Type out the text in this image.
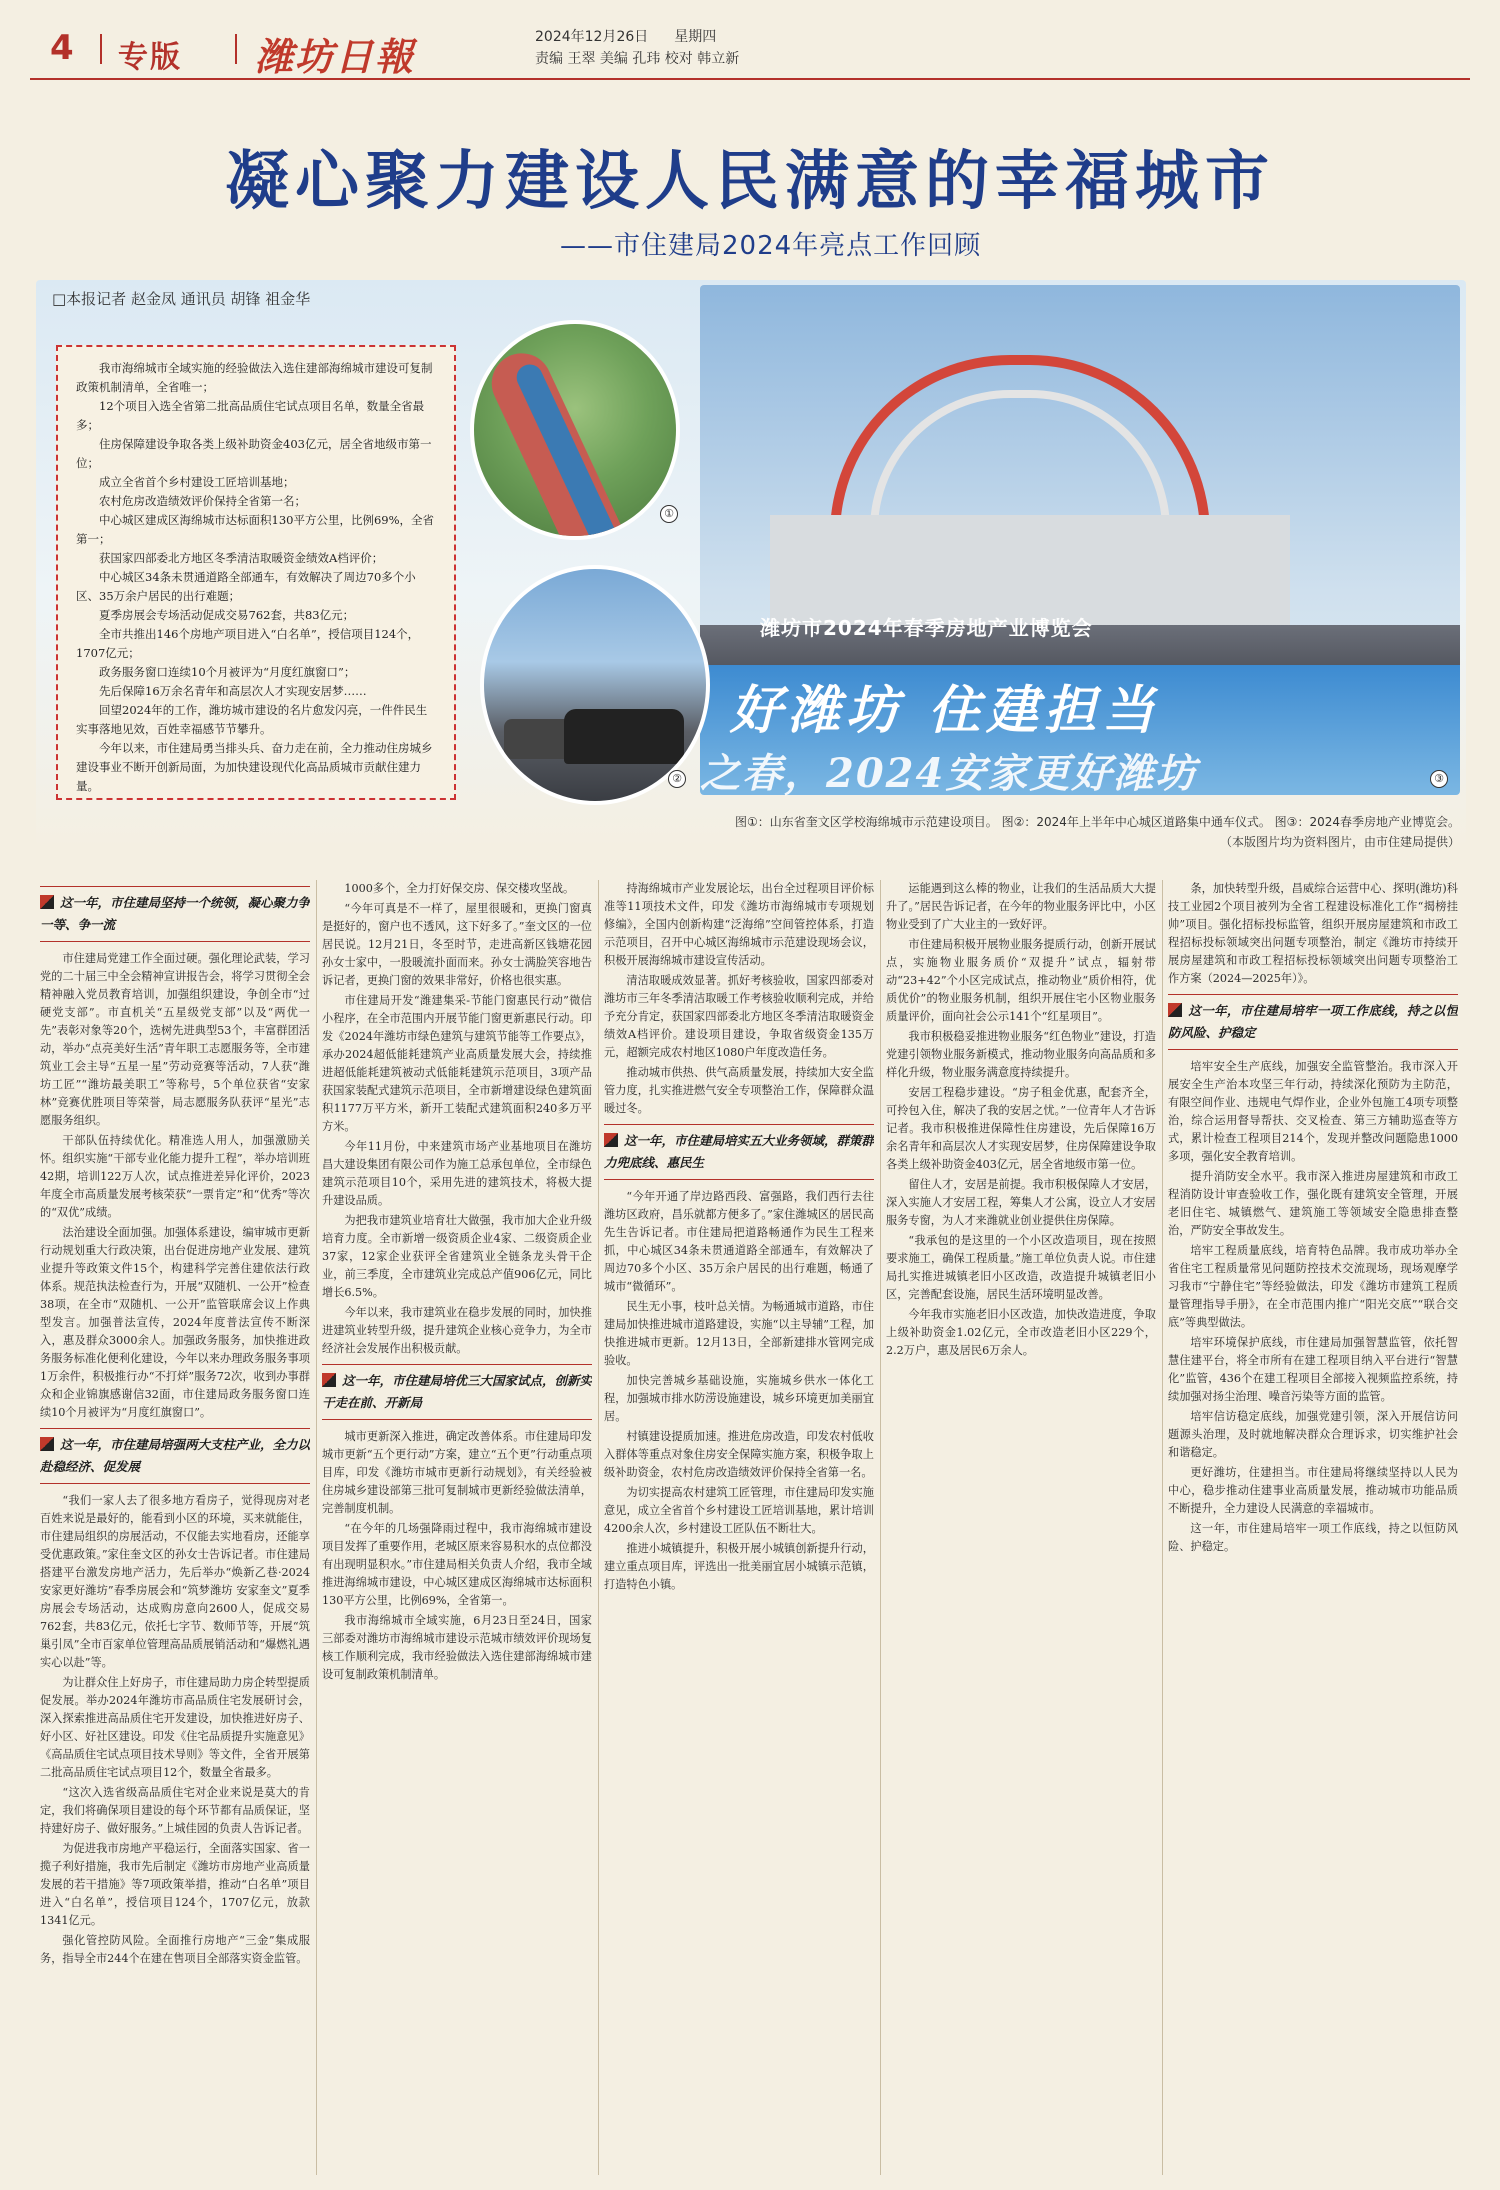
4 专版 潍坊日報	2024年12月26日 星期四
责编 王翠 美编 孔玮 校对 韩立新
凝心聚力建设人民满意的幸福城市
——市住建局2024年亮点工作回顾
□本报记者 赵金凤 通讯员 胡锋 祖金华

我市海绵城市全域实施的经验做法入选住建部海绵城市建设可复制政策机制清单，全省唯一；

12个项目入选全省第二批高品质住宅试点项目名单，数量全省最多；

住房保障建设争取各类上级补助资金403亿元，居全省地级市第一位；

成立全省首个乡村建设工匠培训基地；

农村危房改造绩效评价保持全省第一名；

中心城区建成区海绵城市达标面积130平方公里，比例69%，全省第一；

获国家四部委北方地区冬季清洁取暖资金绩效A档评价；

中心城区34条未贯通道路全部通车，有效解决了周边70多个小区、35万余户居民的出行难题；

夏季房展会专场活动促成交易762套，共83亿元；

全市共推出146个房地产项目进入“白名单”，授信项目124个，1707亿元；

政务服务窗口连续10个月被评为“月度红旗窗口”；

先后保障16万余名青年和高层次人才实现安居梦……

回望2024年的工作，潍坊城市建设的名片愈发闪亮，一件件民生实事落地见效，百姓幸福感节节攀升。

今年以来，市住建局勇当排头兵、奋力走在前，全力推动住房城乡建设事业不断开创新局面，为加快建设现代化高品质城市贡献住建力量。

潍坊市2024年春季房地产业博览会
好潍坊 住建担当
之春，2024安家更好潍坊
①
②	③
图①：山东省奎文区学校海绵城市示范建设项目。 图②：2024年上半年中心城区道路集中通车仪式。 图③：2024春季房地产业博览会。
（本版图片均为资料图片，由市住建局提供）
这一年，市住建局坚持一个统领，凝心聚力争一等、争一流

市住建局党建工作全面过硬。强化理论武装，学习党的二十届三中全会精神宣讲报告会，将学习贯彻全会精神融入党员教育培训，加强组织建设，争创全市“过硬党支部”。市直机关“五星级党支部”以及“两优一先”表彰对象等20个，选树先进典型53个，丰富群团活动，举办“点亮美好生活”青年职工志愿服务等，全市建筑业工会主导“五星一星”劳动竞赛等活动，7人获“潍坊工匠”“潍坊最美职工”等称号，5个单位获省“安家林”竞赛优胜项目等荣誉，局志愿服务队获评“星光”志愿服务组织。

干部队伍持续优化。精准选人用人，加强激励关怀。组织实施“干部专业化能力提升工程”，举办培训班42期，培训122万人次，试点推进差异化评价，2023年度全市高质量发展考核荣获“一票肯定”和“优秀”等次的“双优”成绩。

法治建设全面加强。加强体系建设，编审城市更新行动规划重大行政决策，出台促进房地产业发展、建筑业提升等政策文件15个，构建科学完善住建依法行政体系。规范执法检查行为，开展“双随机、一公开”检查38项，在全市“双随机、一公开”监管联席会议上作典型发言。加强普法宣传，2024年度普法宣传不断深入，惠及群众3000余人。加强政务服务，加快推进政务服务标准化便利化建设，今年以来办理政务服务事项1万余件，积极推行办“不打烊”服务72次，收到办事群众和企业锦旗感谢信32面，市住建局政务服务窗口连续10个月被评为“月度红旗窗口”。

这一年，市住建局培强两大支柱产业，全力以赴稳经济、促发展

“我们一家人去了很多地方看房子，觉得现房对老百姓来说是最好的，能看到小区的环境，买来就能住，市住建局组织的房展活动，不仅能去实地看房，还能享受优惠政策。”家住奎文区的孙女士告诉记者。市住建局搭建平台激发房地产活力，先后举办“焕新乙巷·2024安家更好潍坊”春季房展会和“筑梦潍坊 安家奎文”夏季房展会专场活动，达成购房意向2600人，促成交易762套，共83亿元，依托七字节、数师节等，开展“筑巢引凤”全市百家单位管理高品质展销活动和“爆燃礼遇 实心以赴”等。

为让群众住上好房子，市住建局助力房企转型提质促发展。举办2024年潍坊市高品质住宅发展研讨会，深入探索推进高品质住宅开发建设，加快推进好房子、好小区、好社区建设。印发《住宅品质提升实施意见》《高品质住宅试点项目技术导则》等文件，全省开展第二批高品质住宅试点项目12个，数量全省最多。

“这次入选省级高品质住宅对企业来说是莫大的肯定，我们将确保项目建设的每个环节都有品质保证，坚持建好房子、做好服务。”上城佳园的负责人告诉记者。

为促进我市房地产平稳运行，全面落实国家、省一揽子利好措施，我市先后制定《潍坊市房地产业高质量发展的若干措施》等7项政策举措，推动“白名单”项目进入“白名单”，授信项目124个，1707亿元，放款1341亿元。

强化管控防风险。全面推行房地产“三金”集成服务，指导全市244个在建在售项目全部落实资金监管。

1000多个，全力打好保交房、保交楼攻坚战。

“今年可真是不一样了，屋里很暖和，更换门窗真是挺好的，窗户也不透风，这下好多了。”奎文区的一位居民说。12月21日，冬至时节，走进高新区钱塘花园孙女士家中，一股暖流扑面而来。孙女士满脸笑容地告诉记者，更换门窗的效果非常好，价格也很实惠。

市住建局开发“潍建集采-节能门窗惠民行动”微信小程序，在全市范围内开展节能门窗更新惠民行动。印发《2024年潍坊市绿色建筑与建筑节能等工作要点》，承办2024超低能耗建筑产业高质量发展大会，持续推进超低能耗建筑被动式低能耗建筑示范项目，3项产品获国家装配式建筑示范项目，全市新增建设绿色建筑面积1177万平方米，新开工装配式建筑面积240多万平方米。

今年11月份，中来建筑市场产业基地项目在潍坊昌大建设集团有限公司作为施工总承包单位，全市绿色建筑示范项目10个，采用先进的建筑技术，将极大提升建设品质。

为把我市建筑业培育壮大做强，我市加大企业升级培育力度。全市新增一级资质企业4家、二级资质企业37家，12家企业获评全省建筑业全链条龙头骨干企业，前三季度，全市建筑业完成总产值906亿元，同比增长6.5%。

今年以来，我市建筑业在稳步发展的同时，加快推进建筑业转型升级，提升建筑企业核心竞争力，为全市经济社会发展作出积极贡献。

这一年，市住建局培优三大国家试点，创新实干走在前、开新局

城市更新深入推进，确定改善体系。市住建局印发城市更新“五个更行动”方案，建立“五个更”行动重点项目库，印发《潍坊市城市更新行动规划》，有关经验被住房城乡建设部第三批可复制城市更新经验做法清单，完善制度机制。

“在今年的几场强降雨过程中，我市海绵城市建设项目发挥了重要作用，老城区原来容易积水的点位都没有出现明显积水。”市住建局相关负责人介绍，我市全域推进海绵城市建设，中心城区建成区海绵城市达标面积130平方公里，比例69%，全省第一。

我市海绵城市全域实施，6月23日至24日，国家三部委对潍坊市海绵城市建设示范城市绩效评价现场复核工作顺利完成，我市经验做法入选住建部海绵城市建设可复制政策机制清单。

持海绵城市产业发展论坛，出台全过程项目评价标准等11项技术文件，印发《潍坊市海绵城市专项规划修编》，全国内创新构建“泛海绵”空间管控体系，打造示范项目，召开中心城区海绵城市示范建设现场会议，积极开展海绵城市建设宣传活动。

清洁取暖成效显著。抓好考核验收，国家四部委对潍坊市三年冬季清洁取暖工作考核验收顺利完成，并给予充分肯定，获国家四部委北方地区冬季清洁取暖资金绩效A档评价。建设项目建设，争取省级资金135万元，超额完成农村地区1080户年度改造任务。

推动城市供热、供气高质量发展，持续加大安全监管力度，扎实推进燃气安全专项整治工作，保障群众温暖过冬。

这一年，市住建局培实五大业务领域，群策群力兜底线、惠民生

“今年开通了岸边路西段、富强路，我们西行去往潍坊区政府，昌乐就都方便多了。”家住潍城区的居民高先生告诉记者。市住建局把道路畅通作为民生工程来抓，中心城区34条未贯通道路全部通车，有效解决了周边70多个小区、35万余户居民的出行难题，畅通了城市“微循环”。

民生无小事，枝叶总关情。为畅通城市道路，市住建局加快推进城市道路建设，实施“以主导辅”工程，加快推进城市更新。12月13日，全部新建排水管网完成验收。

加快完善城乡基础设施，实施城乡供水一体化工程，加强城市排水防涝设施建设，城乡环境更加美丽宜居。

村镇建设提质加速。推进危房改造，印发农村低收入群体等重点对象住房安全保障实施方案，积极争取上级补助资金，农村危房改造绩效评价保持全省第一名。

为切实提高农村建筑工匠管理，市住建局印发实施意见，成立全省首个乡村建设工匠培训基地，累计培训4200余人次，乡村建设工匠队伍不断壮大。

推进小城镇提升，积极开展小城镇创新提升行动，建立重点项目库，评选出一批美丽宜居小城镇示范镇，打造特色小镇。

运能遇到这么棒的物业，让我们的生活品质大大提升了。”居民告诉记者，在今年的物业服务评比中，小区物业受到了广大业主的一致好评。

市住建局积极开展物业服务提质行动，创新开展试点，实施物业服务质价“双提升”试点，辐射带动“23+42”个小区完成试点，推动物业“质价相符，优质优价”的物业服务机制，组织开展住宅小区物业服务质量评价，面向社会公示141个“红星项目”。

我市积极稳妥推进物业服务“红色物业”建设，打造党建引领物业服务新模式，推动物业服务向高品质和多样化升级，物业服务满意度持续提升。

安居工程稳步建设。“房子租金优惠，配套齐全，可拎包入住，解决了我的安居之忧。”一位青年人才告诉记者。我市积极推进保障性住房建设，先后保障16万余名青年和高层次人才实现安居梦，住房保障建设争取各类上级补助资金403亿元，居全省地级市第一位。

留住人才，安居是前提。我市积极保障人才安居，深入实施人才安居工程，筹集人才公寓，设立人才安居服务专窗，为人才来潍就业创业提供住房保障。

“我承包的是这里的一个小区改造项目，现在按照要求施工，确保工程质量。”施工单位负责人说。市住建局扎实推进城镇老旧小区改造，改造提升城镇老旧小区，完善配套设施，居民生活环境明显改善。

今年我市实施老旧小区改造，加快改造进度，争取上级补助资金1.02亿元，全市改造老旧小区229个，2.2万户，惠及居民6万余人。

条，加快转型升级，昌威综合运营中心、探明(潍坊)科技工业园2个项目被列为全省工程建设标准化工作“揭榜挂帅”项目。强化招标投标监管，组织开展房屋建筑和市政工程招标投标领域突出问题专项整治，制定《潍坊市持续开展房屋建筑和市政工程招标投标领域突出问题专项整治工作方案（2024—2025年）》。

这一年，市住建局培牢一项工作底线，持之以恒防风险、护稳定

培牢安全生产底线，加强安全监管整治。我市深入开展安全生产治本攻坚三年行动，持续深化预防为主防范，有限空间作业、违规电气焊作业，企业外包施工4项专项整治，综合运用督导帮扶、交叉检查、第三方辅助巡查等方式，累计检查工程项目214个，发现并整改问题隐患1000多项，强化安全教育培训。

提升消防安全水平。我市深入推进房屋建筑和市政工程消防设计审查验收工作，强化既有建筑安全管理，开展老旧住宅、城镇燃气、建筑施工等领域安全隐患排查整治，严防安全事故发生。

培牢工程质量底线，培育特色品牌。我市成功举办全省住宅工程质量常见问题防控技术交流现场，现场观摩学习我市“宁静住宅”等经验做法，印发《潍坊市建筑工程质量管理指导手册》，在全市范围内推广“阳光交底”“联合交底”等典型做法。

培牢环境保护底线，市住建局加强智慧监管，依托智慧住建平台，将全市所有在建工程项目纳入平台进行“智慧化”监管，436个在建工程项目全部接入视频监控系统，持续加强对扬尘治理、噪音污染等方面的监管。

培牢信访稳定底线，加强党建引领，深入开展信访问题源头治理，及时就地解决群众合理诉求，切实维护社会和谐稳定。

更好潍坊，住建担当。市住建局将继续坚持以人民为中心，稳步推动住建事业高质量发展，推动城市功能品质不断提升，全力建设人民满意的幸福城市。

这一年，市住建局培牢一项工作底线，持之以恒防风险、护稳定。
